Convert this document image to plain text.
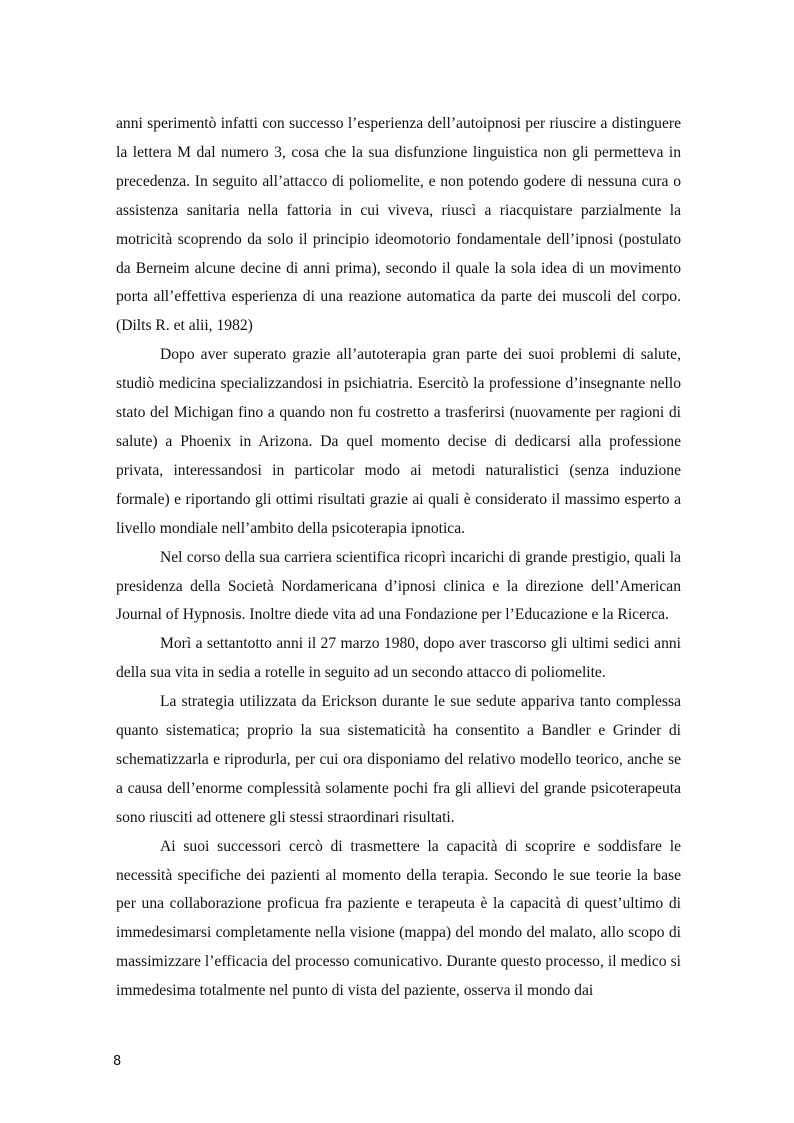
anni sperimentò infatti con successo l’esperienza dell’autoipnosi per riuscire a distinguere la lettera M dal numero 3, cosa che la sua disfunzione linguistica non gli permetteva in precedenza. In seguito all’attacco di poliomelite, e non potendo godere di nessuna cura o assistenza sanitaria nella fattoria in cui viveva, riuscì a riacquistare parzialmente la motricità scoprendo da solo il principio ideomotorio fondamentale dell’ipnosi (postulato da Berneim alcune decine di anni prima), secondo il quale la sola idea di un movimento porta all’effettiva esperienza di una reazione automatica da parte dei muscoli del corpo. (Dilts R. et alii, 1982)

Dopo aver superato grazie all’autoterapia gran parte dei suoi problemi di salute, studiò medicina specializzandosi in psichiatria. Esercitò la professione d’insegnante nello stato del Michigan fino a quando non fu costretto a trasferirsi (nuovamente per ragioni di salute) a Phoenix in Arizona. Da quel momento decise di dedicarsi alla professione privata, interessandosi in particolar modo ai metodi naturalistici (senza induzione formale) e riportando gli ottimi risultati grazie ai quali è considerato il massimo esperto a livello mondiale nell’ambito della psicoterapia ipnotica.

Nel corso della sua carriera scientifica ricoprì incarichi di grande prestigio, quali la presidenza della Società Nordamericana d’ipnosi clinica e la direzione dell’American Journal of Hypnosis. Inoltre diede vita ad una Fondazione per l’Educazione e la Ricerca.

Morì a settantotto anni il 27 marzo 1980, dopo aver trascorso gli ultimi sedici anni della sua vita in sedia a rotelle in seguito ad un secondo attacco di poliomelite.

La strategia utilizzata da Erickson durante le sue sedute appariva tanto complessa quanto sistematica; proprio la sua sistematicità ha consentito a Bandler e Grinder di schematizzarla e riprodurla, per cui ora disponiamo del relativo modello teorico, anche se a causa dell’enorme complessità solamente pochi fra gli allievi del grande psicoterapeuta sono riusciti ad ottenere gli stessi straordinari risultati.

Ai suoi successori cercò di trasmettere la capacità di scoprire e soddisfare le necessità specifiche dei pazienti al momento della terapia. Secondo le sue teorie la base per una collaborazione proficua fra paziente e terapeuta è la capacità di quest’ultimo di immedesimarsi completamente nella visione (mappa) del mondo del malato, allo scopo di massimizzare l’efficacia del processo comunicativo. Durante questo processo, il medico si immedesima totalmente nel punto di vista del paziente, osserva il mondo dai

8
